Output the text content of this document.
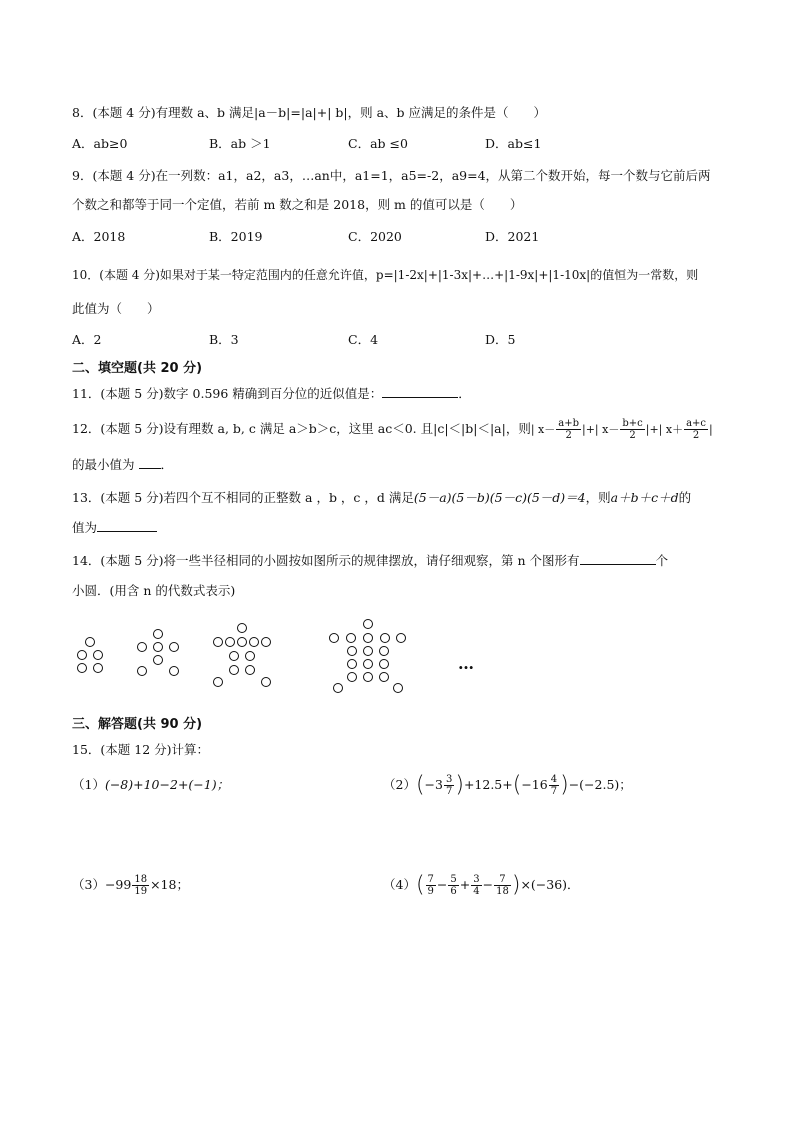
8．(本题 4 分)有理数 a、b 满足|a－b|=|a|+| b|，则 a、b 应满足的条件是（　　）
A．ab≥0	B．ab ＞1	C．ab ≤0	D．ab≤1
9．(本题 4 分)在一列数：a1，a2，a3，…an中，a1=1，a5=-2，a9=4，从第二个数开始，每一个数与它前后两
个数之和都等于同一个定值，若前 m 数之和是 2018，则 m 的值可以是（　　）
A．2018	B．2019	C．2020	D．2021
10．(本题 4 分)如果对于某一特定范围内的任意允许值，p=|1-2x|+|1-3x|+…+|1-9x|+|1-10x|的值恒为一常数，则
此值为（　　）
A．2	B．3	C．4	D．5
二、填空题(共 20 分)
11．(本题 5 分)数字 0.596 精确到百分位的近似值是：	．
12．(本题 5 分)设有理数 a, b, c 满足 a＞b＞c，这里 ac＜0. 且|c|＜|b|＜|a|，则| $x- \frac{a+b}{2}$ |+| $x- \frac{b+c}{2}$ |+| $x+ \frac{a+c}{2}$ |
的最小值为 ．
13．(本题 5 分)若四个互不相同的正整数 a ，b ，c ，d 满足(5－a)(5－b)(5－c)(5－d)＝4，则a＋b＋c＋d的
值为
14．(本题 5 分)将一些半径相同的小圆按如图所示的规律摆放，请仔细观察，第 n 个图形有	个
小圆．(用含 n 的代数式表示)
…
三、解答题(共 90 分)
15．(本题 12 分)计算：
（1）(−8)+10−2+(−1)；	$(2)(-3 \frac{3}{7} )+12.5+(-16 \frac{4}{7} )-(-2.5)$；
$(3)-99 \frac{18}{19} \times 18$；	$(4)( \frac{7}{9} - \frac{5}{6} + \frac{3}{4} - \frac{7}{18} )\times(-36)$．
